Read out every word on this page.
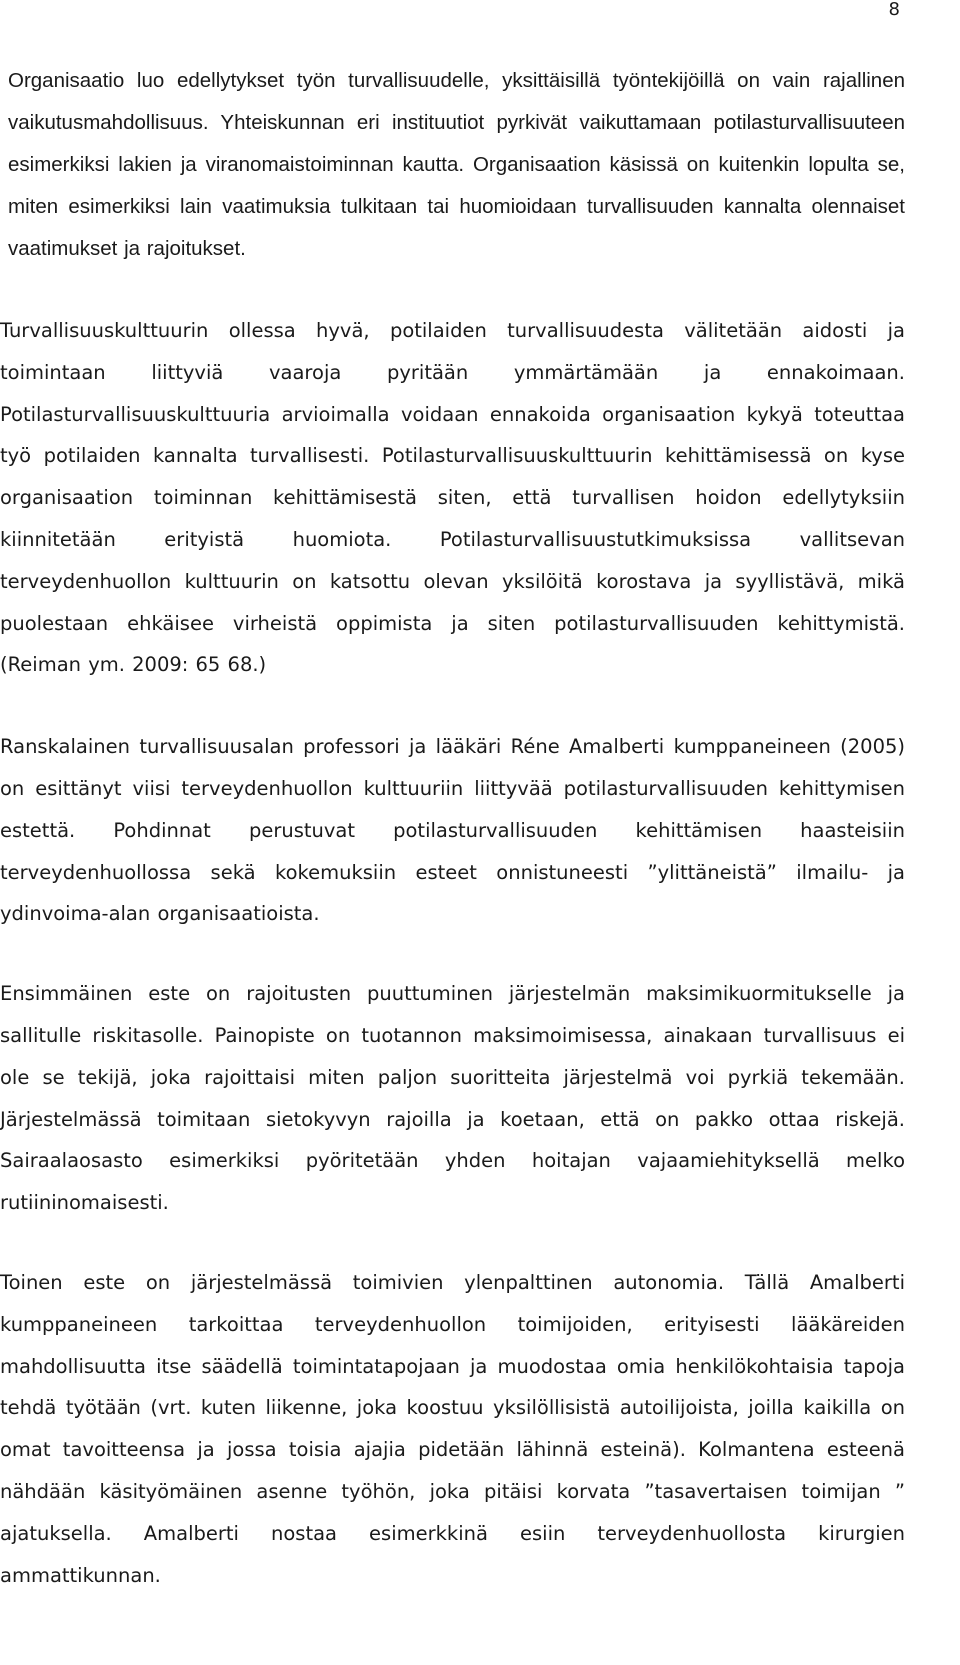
8

Organisaatio luo edellytykset työn turvallisuudelle, yksittäisillä työntekijöillä on vain rajallinen vaikutusmahdollisuus. Yhteiskunnan eri instituutiot pyrkivät vaikuttamaan potilasturvallisuuteen esimerkiksi lakien ja viranomaistoiminnan kautta. Organisaation käsissä on kuitenkin lopulta se, miten esimerkiksi lain vaatimuksia tulkitaan tai huomioidaan turvallisuuden kannalta olennaiset vaatimukset ja rajoitukset.

Turvallisuuskulttuurin ollessa hyvä, potilaiden turvallisuudesta välitetään aidosti ja toimintaan liittyviä vaaroja pyritään ymmärtämään ja ennakoimaan. Potilasturvallisuuskulttuuria arvioimalla voidaan ennakoida organisaation kykyä toteuttaa työ potilaiden kannalta turvallisesti. Potilasturvallisuuskulttuurin kehittämisessä on kyse organisaation toiminnan kehittämisestä siten, että turvallisen hoidon edellytyksiin kiinnitetään erityistä huomiota. Potilasturvallisuustutkimuksissa vallitsevan terveydenhuollon kulttuurin on katsottu olevan yksilöitä korostava ja syyllistävä, mikä puolestaan ehkäisee virheistä oppimista ja siten potilasturvallisuuden kehittymistä. (Reiman ym. 2009: 65 68.)

Ranskalainen turvallisuusalan professori ja lääkäri Réne Amalberti kumppaneineen (2005) on esittänyt viisi terveydenhuollon kulttuuriin liittyvää potilasturvallisuuden kehittymisen estettä. Pohdinnat perustuvat potilasturvallisuuden kehittämisen haasteisiin terveydenhuollossa sekä kokemuksiin esteet onnistuneesti ”ylittäneistä” ilmailu- ja ydinvoima-alan organisaatioista.

Ensimmäinen este on rajoitusten puuttuminen järjestelmän maksimikuormitukselle ja sallitulle riskitasolle. Painopiste on tuotannon maksimoimisessa, ainakaan turvallisuus ei ole se tekijä, joka rajoittaisi miten paljon suoritteita järjestelmä voi pyrkiä tekemään. Järjestelmässä toimitaan sietokyvyn rajoilla ja koetaan, että on pakko ottaa riskejä. Sairaalaosasto esimerkiksi pyöritetään yhden hoitajan vajaamiehityksellä melko rutiininomaisesti.

Toinen este on järjestelmässä toimivien ylenpalttinen autonomia. Tällä Amalberti kumppaneineen tarkoittaa terveydenhuollon toimijoiden, erityisesti lääkäreiden mahdollisuutta itse säädellä toimintatapojaan ja muodostaa omia henkilökohtaisia tapoja tehdä työtään (vrt. kuten liikenne, joka koostuu yksilöllisistä autoilijoista, joilla kaikilla on omat tavoitteensa ja jossa toisia ajajia pidetään lähinnä esteinä). Kolmantena esteenä nähdään käsityömäinen asenne työhön, joka pitäisi korvata ”tasavertaisen toimijan ” ajatuksella. Amalberti nostaa esimerkkinä esiin terveydenhuollosta kirurgien ammattikunnan.
